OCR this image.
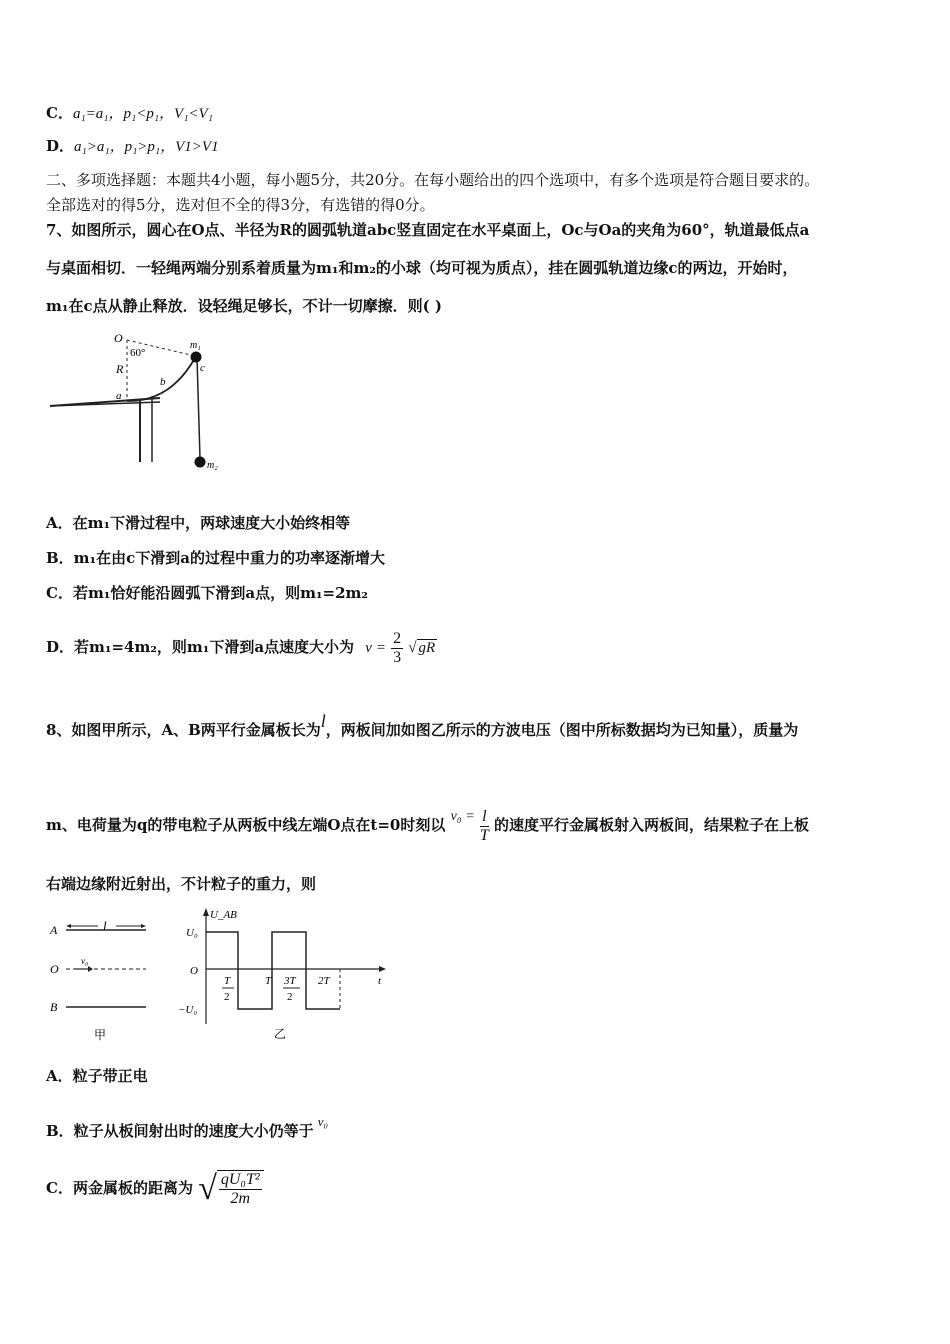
C．a₁=a₁，p₁<p₁，V₁<V₁
D．a₁>a₁，p₁>p₁，V1>V1
二、多项选择题：本题共4小题，每小题5分，共20分。在每小题给出的四个选项中，有多个选项是符合题目要求的。
全部选对的得5分，选对但不全的得3分，有选错的得0分。
7、如图所示，圆心在O点、半径为R的圆弧轨道abc竖直固定在水平桌面上，Oc与Oa的夹角为60°，轨道最低点a
与桌面相切．一轻绳两端分别系着质量为m₁和m₂的小球（均可视为质点），挂在圆弧轨道边缘c的两边，开始时，
m₁在c点从静止释放．设轻绳足够长，不计一切摩擦．则( )
O
60°
R
a
b
c
m₁
m₂
A．在m₁下滑过程中，两球速度大小始终相等
B．m₁在由c下滑到a的过程中重力的功率逐渐增大
C．若m₁恰好能沿圆弧下滑到a点，则m₁=2m₂
D．若m₁=4m₂，则m₁下滑到a点速度大小为 $v = \frac{2}{3}$ √ gR
8、如图甲所示，A、B两平行金属板长为l，两板间加如图乙所示的方波电压（图中所标数据均为已知量），质量为
m、电荷量为q的带电粒子从两板中线左端O点在t=0时刻以 $v_0 = \frac{l}{T}$ 的速度平行金属板射入两板间，结果粒子在上板
右端边缘附近射出，不计粒子的重力，则
A
B
O
l
v₀
甲
U_AB
U₀
−U₀
O
T
2
T 3T
2
2T	t
乙
A．粒子带正电
B．粒子从板间射出时的速度大小仍等于v₀
C．两金属板的距离为 √ $\frac{\text{qU₀T²}}{2m}$
